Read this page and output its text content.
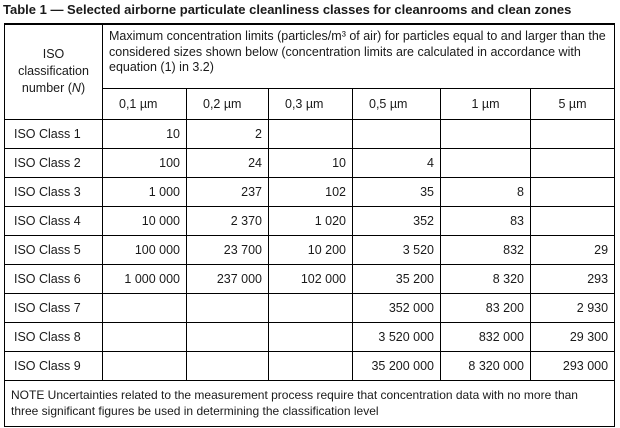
Table 1 — Selected airborne particulate cleanliness classes for cleanrooms and clean zones
ISO
classification
number (N)	Maximum concentration limits (particles/m³ of air) for particles equal to and larger than the considered sizes shown below (concentration limits are calculated in accordance with equation (1) in 3.2)					
	0,1 µm	0,2 µm	0,3 µm	0,5 µm	1 µm	5 µm
ISO Class 1	10	2				
ISO Class 2	100	24	10	4		
ISO Class 3	1 000	237	102	35	8	
ISO Class 4	10 000	2 370	1 020	352	83	
ISO Class 5	100 000	23 700	10 200	3 520	832	29
ISO Class 6	1 000 000	237 000	102 000	35 200	8 320	293
ISO Class 7				352 000	83 200	2 930
ISO Class 8				3 520 000	832 000	29 300
ISO Class 9				35 200 000	8 320 000	293 000
NOTE Uncertainties related to the measurement process require that concentration data with no more than three significant figures be used in determining the classification level						
